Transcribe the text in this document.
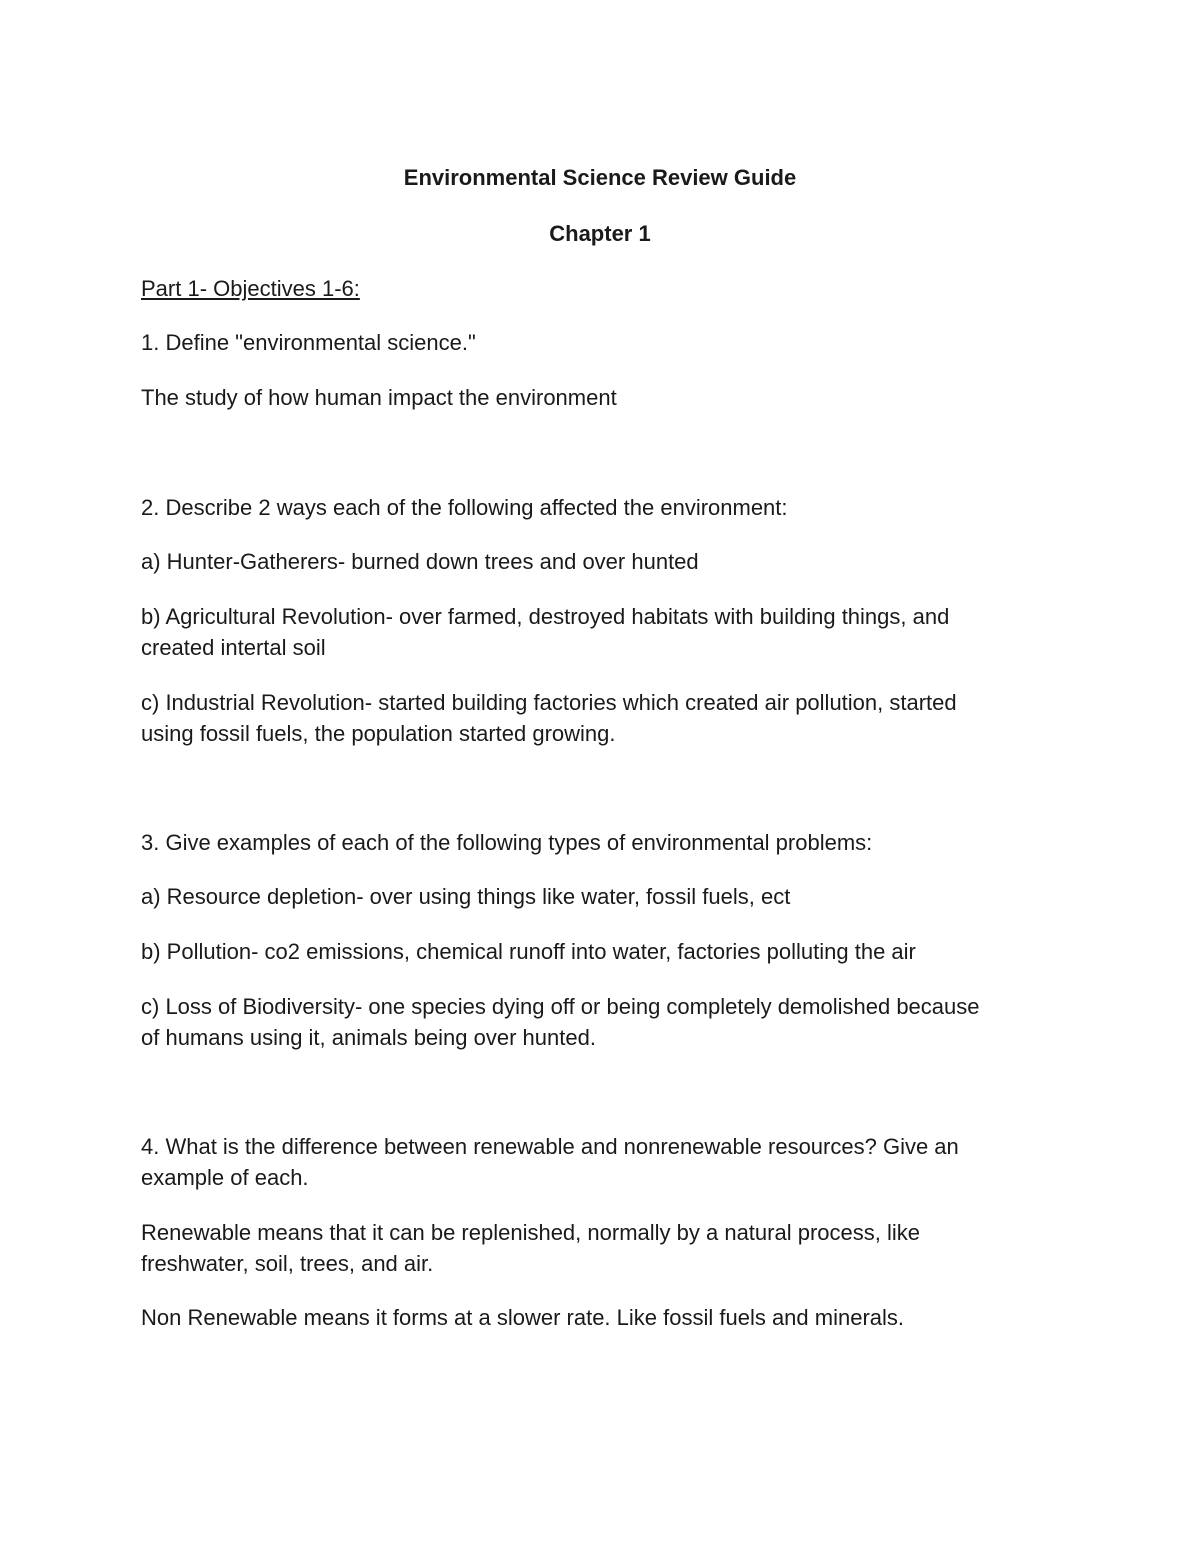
Environmental Science Review Guide
Chapter 1
Part 1- Objectives 1-6:
1. Define "environmental science."
The study of how human impact the environment
2. Describe 2 ways each of the following affected the environment:
a) Hunter-Gatherers- burned down trees and over hunted
b) Agricultural Revolution- over farmed, destroyed habitats with building things, and
created intertal soil
c) Industrial Revolution- started building factories which created air pollution, started
using fossil fuels, the population started growing.
3. Give examples of each of the following types of environmental problems:
a) Resource depletion- over using things like water, fossil fuels, ect
b) Pollution- co2 emissions, chemical runoff into water, factories polluting the air
c) Loss of Biodiversity- one species dying off or being completely demolished because
of humans using it, animals being over hunted.
4. What is the difference between renewable and nonrenewable resources? Give an
example of each.
Renewable means that it can be replenished, normally by a natural process, like
freshwater, soil, trees, and air.
Non Renewable means it forms at a slower rate. Like fossil fuels and minerals.
